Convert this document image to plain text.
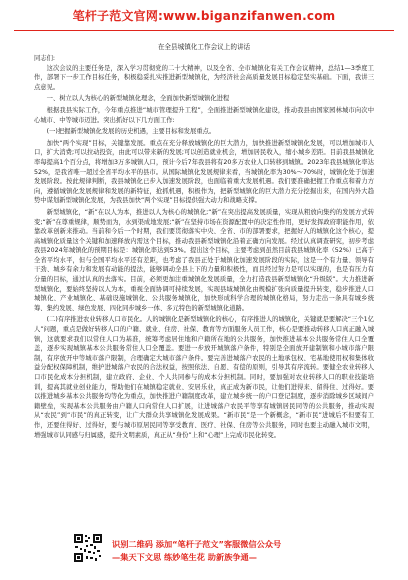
笔杆子范文官网:www.biganzifanwen.com
在全县城镇化工作会议上的讲话
同志们:

这次会议的主要任务是，深入学习贯彻党的二十大精神，以及全省、全市城镇化有关工作会议精神，总结1—3季度工作，部署下一步工作目标任务，积极稳妥扎实推进新型城镇化，为经济社会高质量发展目标稳定坚实基础。下面，我讲三点意见。

一、树立以人为核心的新型城镇化理念，全面加快新型城镇化进程

根据我县实际工作，今年重点推进“城市管理提升工程”，全面推进新型城镇化建设，推动我县由国家园林城市向次中心城市、中等城市迈进。突出抓好以下几方面工作:

(一)把握新型城镇化发展的历史机遇，主要目标和发展重点。

加快“两个实现”目标，关键靠发展。重点在充分释放城镇化的巨大潜力，加快推进新型城镇化发展，可以增加城市人口，扩大消费;可以拉动投资，由此可以带来新的发展;可以创造就业机会，增加居民收入，缩小城乡差距。目前我县城镇化率每提高1个百分点，将增加3万多城镇人口，预计今后7年我县将有20多万农业人口转移到城镇。2023年我县城镇化率达52%，是我省唯一超过全省平均水平的县市。从国际城镇化发展规律来看，当城镇化率为30%～70%时，城镇化处于加速发展阶段。按此规律判断，我县城镇化已步入加速发展阶段，也面临着重大发展机遇。我们要准确把握工作重点和着力方向，遵循城镇化发展规律和发展的新特征，抢抓机遇，积极作为，把新型城镇化的巨大潜力充分挖掘出来，在国内外大趋势中谋划新型城镇化发展，为我县加快“两个实现”目标提供强大动力和战略支撑。

新型城镇化，“新”在以人为本，推进以人为核心的城镇化;“新”在突出提高发展质量，实现从粗放向集约的发展方式转变;“新”在尊重规律，顺势而为，水到渠成地发展;“新”在坚持市场在资源配置中的决定性作用，更好发挥政府职能作用，依靠改革创新来推动。当前和今后一个时期，我们要贯彻落实中央、全省、市的部署要求，把握好人的城镇化这个核心，提高城镇化质量这个关键和加速释放内需这个目标，推动我县新型城镇化沿着正确方向发展。经过认真调查研究，初步考虑我县2024年城镇化的预期目标是：城镇化率达到53%。提出这个目标，主要考虑到虽然目前我县城镇化率（52%）已高于全省平均水平，但与全国平均水平还有差距，也考虑了我县正处于城镇化加速发展阶段的实际，这是一个有力量、领导有干劲、城乡有余力和发展有动能的提法，能够调动全县上下的力量和积极性，而且经过努力是可以实现的，也是有压力有分量的目标，通过认真的去落实。目前，必须更加注重城镇化发展质量，全力打造我县新型城镇化“升级版”。大力推进新型城镇化，要始终坚持以人为本，重视全面协调可持续发展，实现县域城镇化由规模扩张向质量提升转变，稳步推进人口城镇化、产业城镇化、基础设施城镇化、公共服务城镇化，加快形成科学合理的城镇化格局，努力走出一条具有城乡统筹、集约发展、绿色发展、四化同步城乡一体、多元特色的新型城镇化道路。

(二)有序推进农业转移人口市民化。人的城镇化是新型城镇化的核心，有序推进人的城镇化，关键就是要解决“三个1亿人”问题，重点是做好转移人口的户籍、就业、住房、社保、教育等方面服务人员工作，核心是要推动转移人口真正融入城镇，这就要求我们以常住人口为基准，统筹考虑居住地和户籍所在地的公共服务，加快推进基本公共服务常住人口全覆盖，逐步实现城镇基本公共服务常住人口全覆盖。要进一步放开城镇落户条件，特别是全面放开建制镇和小城市落户限制，有序放开中等城市落户限制，合理确定大城市落户条件。要完善进城落户农民的土地承包权、宅基地使用权和集体收益分配权保障机制，维护进城落户农民的合法权益，按照依法、自愿、有偿的原则，引导其有序流转。要健全农业转移人口市民化成本分担机制，建立政府、企业、个人共同参与的成本分担机制。同时，要加强对农业转移人口的职业技能培训，提高其就业创业能力，帮助他们在城镇稳定就业、安居乐业，真正成为新市民，让他们进得来、留得住、过得好。要以推进城乡基本公共服务均等化为重点，加快推进户籍制度改革，建立城乡统一的户口登记制度，逐步消除城乡区域间户籍壁垒，实现基本公共服务由户籍人口向常住人口扩展，让进城落户农民平等享有城镇居民同等的公共服务，推动实现从“农民”到“市民”的真正转变，让广大群众共享城镇化发展成果。“新市民”是一个新概念，“新市民”进城后不但要有工作，还要住得好、过得好，要与城市原居民同等享受教育、医疗、社保、住房等公共服务，同时也要主动融入城市文明，增强城市认同感与归属感，提升文明素质，真正从“身份”上和“心理”上完成市民化转变。

识别二维码 添加“笔杆子范文”客服微信公众号
—集天下文思 练妙笔生花 助新族争通—
